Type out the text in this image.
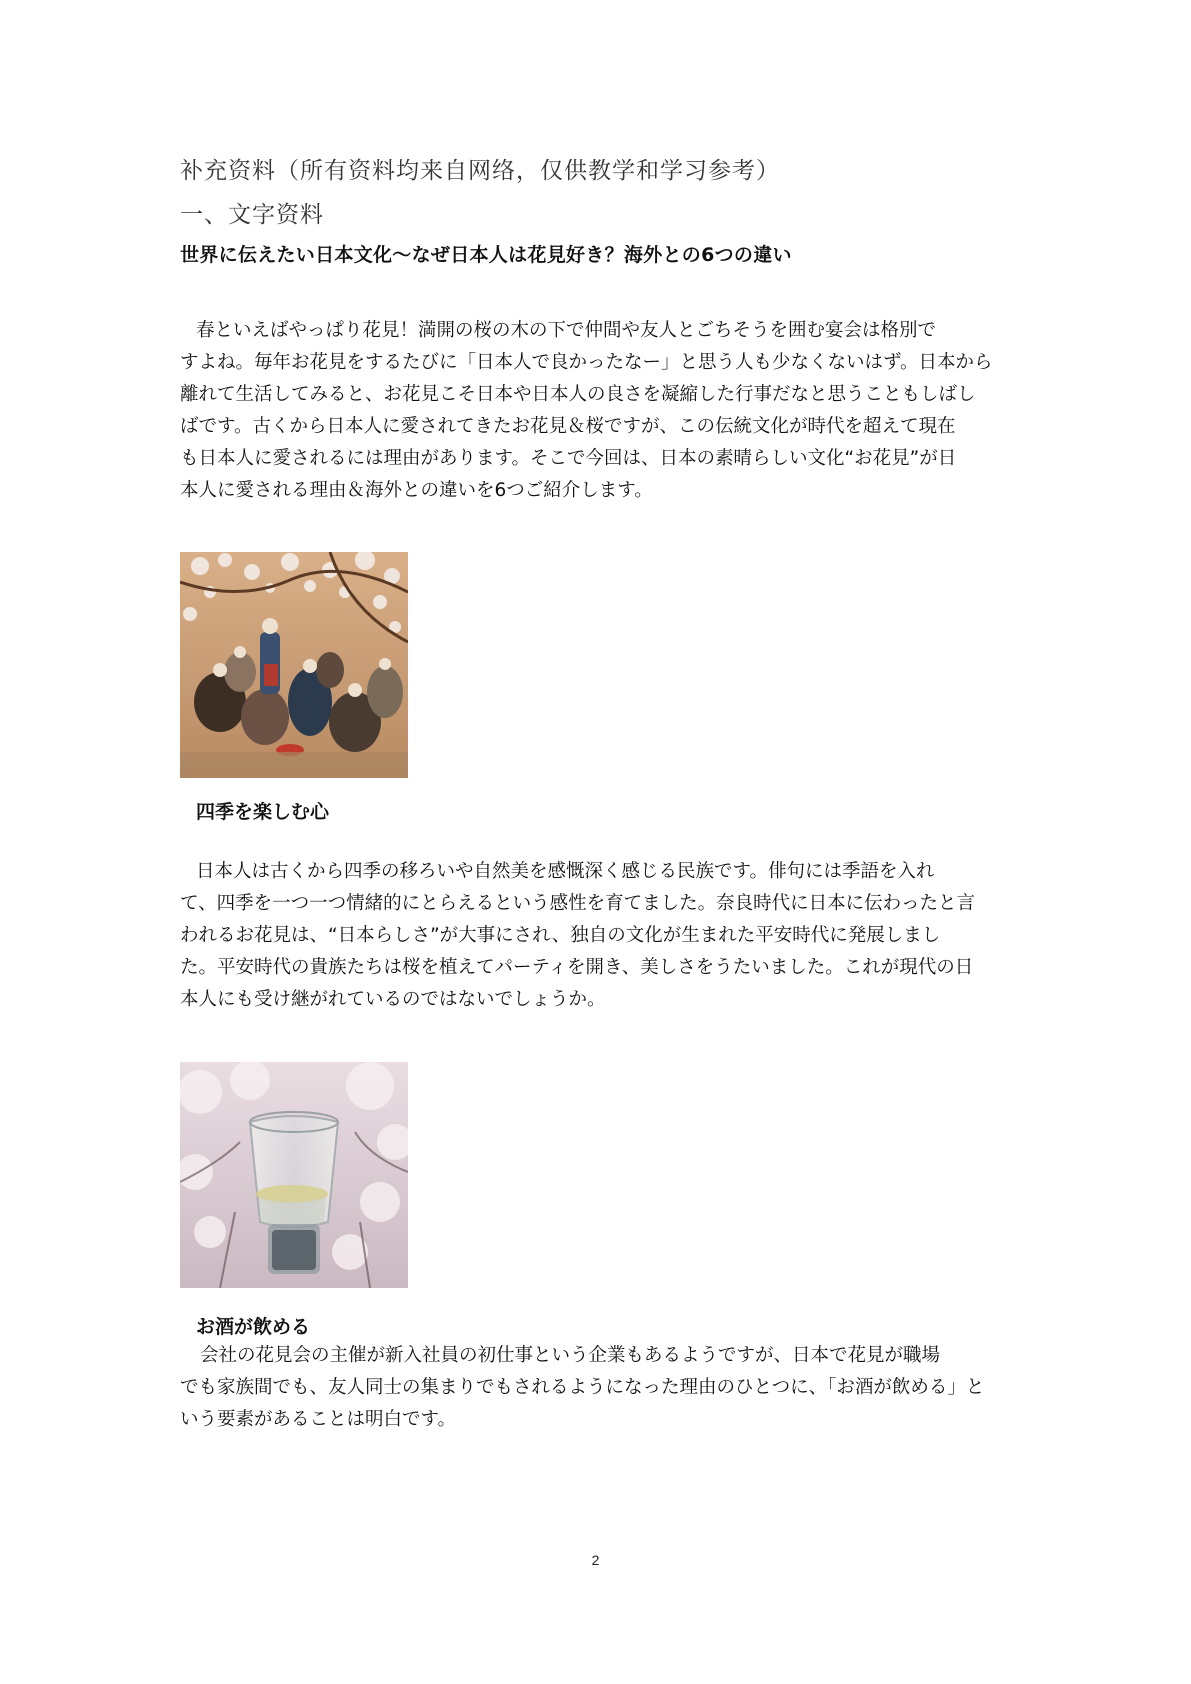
补充资料（所有资料均来自网络，仅供教学和学习参考）
一、文字资料
世界に伝えたい日本文化～なぜ日本人は花見好き？海外との6つの違い
春といえばやっぱり花見！満開の桜の木の下で仲間や友人とごちそうを囲む宴会は格別で
すよね。毎年お花見をするたびに「日本人で良かったなー」と思う人も少なくないはず。日本から
離れて生活してみると、お花見こそ日本や日本人の良さを凝縮した行事だなと思うこともしばし
ばです。古くから日本人に愛されてきたお花見＆桜ですが、この伝統文化が時代を超えて現在
も日本人に愛されるには理由があります。そこで今回は、日本の素晴らしい文化“お花見”が日
本人に愛される理由＆海外との違いを6つご紹介します。
四季を楽しむ心
日本人は古くから四季の移ろいや自然美を感慨深く感じる民族です。俳句には季語を入れ
て、四季を一つ一つ情緒的にとらえるという感性を育てました。奈良時代に日本に伝わったと言
われるお花見は、“日本らしさ”が大事にされ、独自の文化が生まれた平安時代に発展しまし
た。平安時代の貴族たちは桜を植えてパーティを開き、美しさをうたいました。これが現代の日
本人にも受け継がれているのではないでしょうか。
お酒が飲める
会社の花見会の主催が新入社員の初仕事という企業もあるようですが、日本で花見が職場
でも家族間でも、友人同士の集まりでもされるようになった理由のひとつに、「お酒が飲める」と
いう要素があることは明白です。
2
